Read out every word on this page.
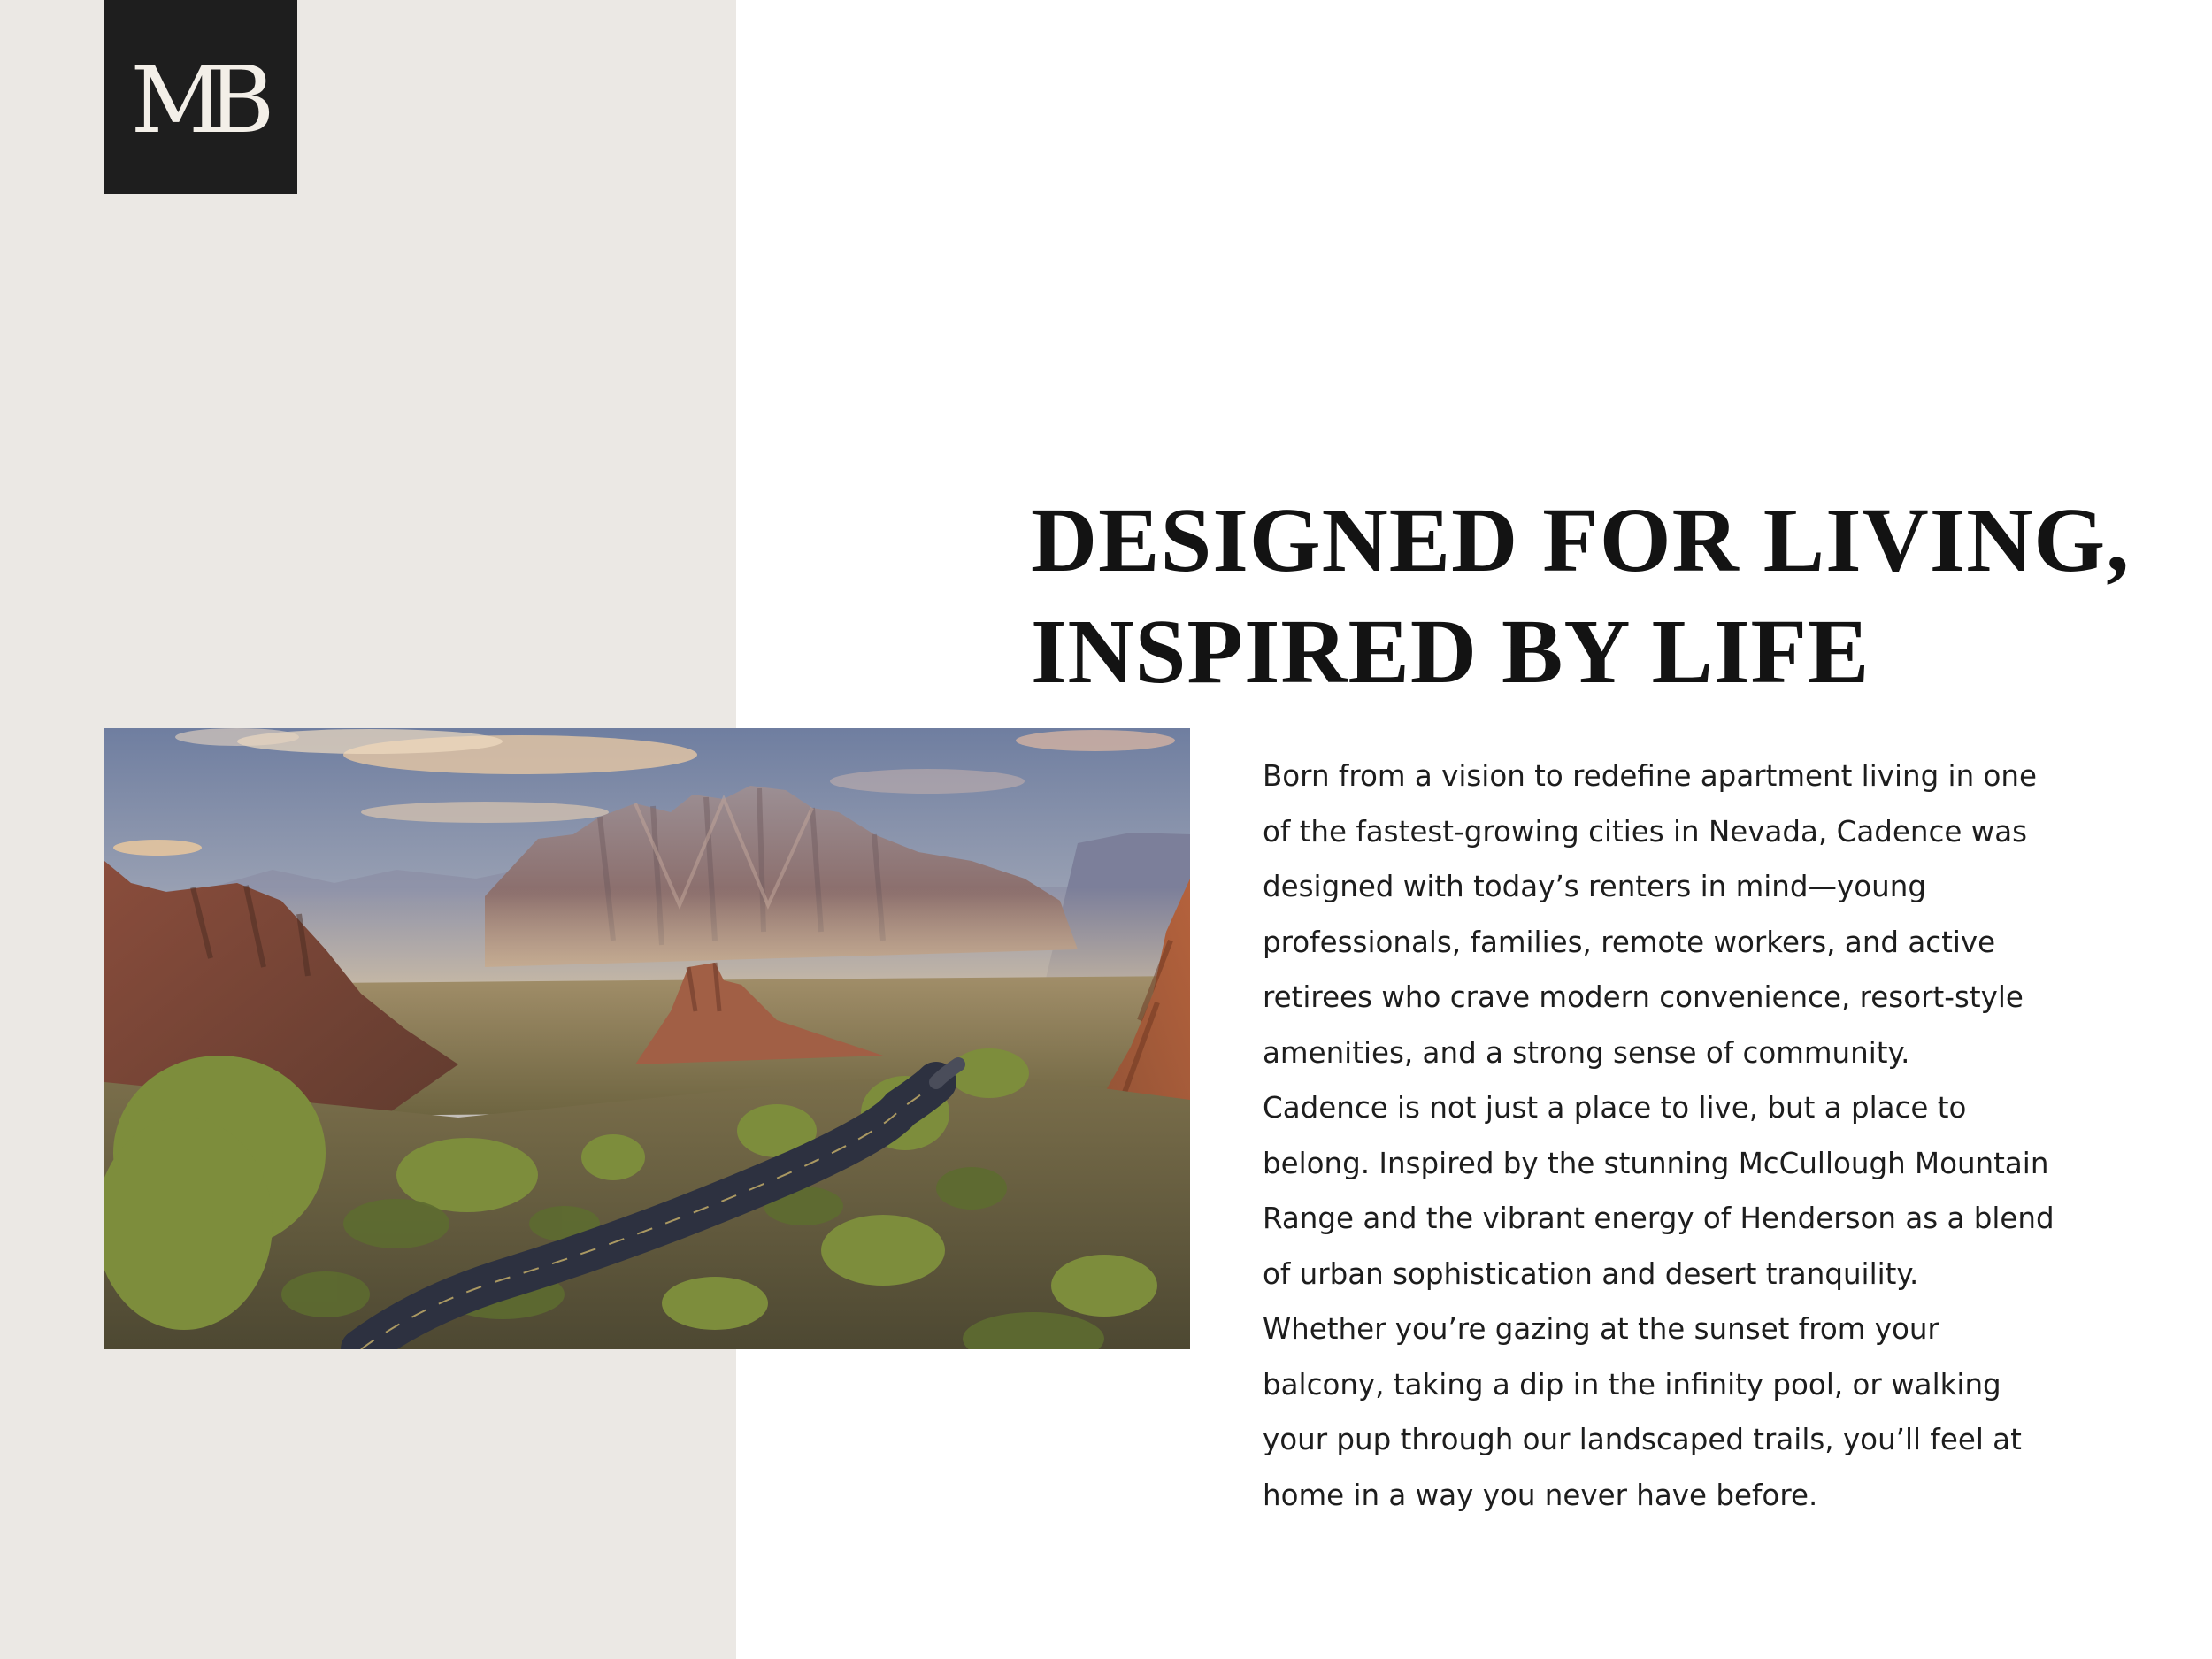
MB
DESIGNED FOR LIVING,
INSPIRED BY LIFE
Born from a vision to redefine apartment living in one
of the fastest-growing cities in Nevada, Cadence was
designed with today’s renters in mind—young
professionals, families, remote workers, and active
retirees who crave modern convenience, resort-style
amenities, and a strong sense of community.
Cadence is not just a place to live, but a place to
belong. Inspired by the stunning McCullough Mountain
Range and the vibrant energy of Henderson as a blend
of urban sophistication and desert tranquility.
Whether you’re gazing at the sunset from your
balcony, taking a dip in the infinity pool, or walking
your pup through our landscaped trails, you’ll feel at
home in a way you never have before.
